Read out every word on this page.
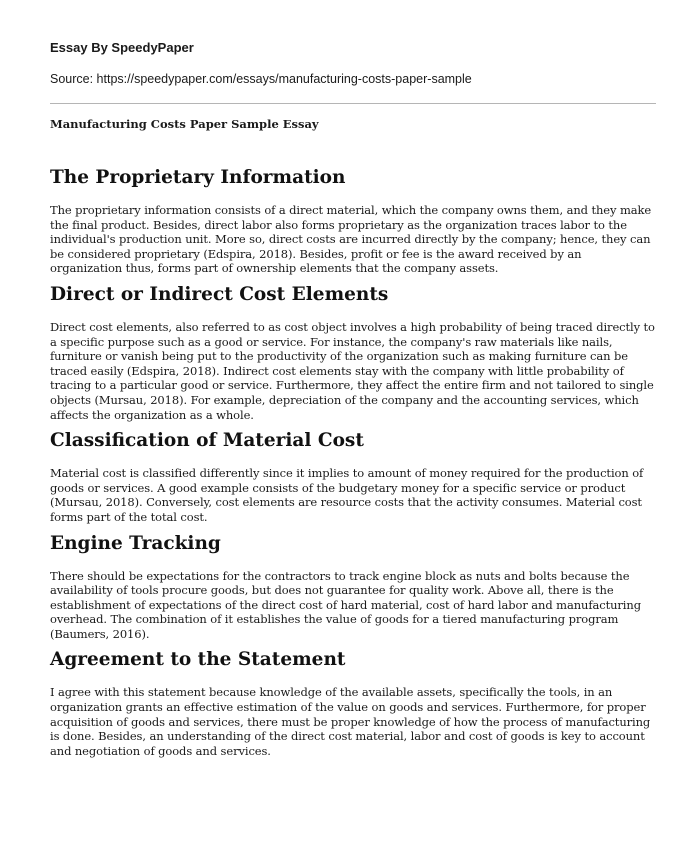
Essay By SpeedyPaper
Source: https://speedypaper.com/essays/manufacturing-costs-paper-sample
Manufacturing Costs Paper Sample Essay
The Proprietary Information

The proprietary information consists of a direct material, which the company owns them, and they make the final product. Besides, direct labor also forms proprietary as the organization traces labor to the individual's production unit. More so, direct costs are incurred directly by the company; hence, they can be considered proprietary (Edspira, 2018). Besides, profit or fee is the award received by an organization thus, forms part of ownership elements that the company assets.

Direct or Indirect Cost Elements

Direct cost elements, also referred to as cost object involves a high probability of being traced directly to a specific purpose such as a good or service. For instance, the company's raw materials like nails, furniture or vanish being put to the productivity of the organization such as making furniture can be traced easily (Edspira, 2018). Indirect cost elements stay with the company with little probability of tracing to a particular good or service. Furthermore, they affect the entire firm and not tailored to single objects (Mursau, 2018). For example, depreciation of the company and the accounting services, which affects the organization as a whole.

Classification of Material Cost

Material cost is classified differently since it implies to amount of money required for the production of goods or services. A good example consists of the budgetary money for a specific service or product (Mursau, 2018). Conversely, cost elements are resource costs that the activity consumes. Material cost forms part of the total cost.

Engine Tracking

There should be expectations for the contractors to track engine block as nuts and bolts because the availability of tools procure goods, but does not guarantee for quality work. Above all, there is the establishment of expectations of the direct cost of hard material, cost of hard labor and manufacturing overhead. The combination of it establishes the value of goods for a tiered manufacturing program (Baumers, 2016).

Agreement to the Statement

I agree with this statement because knowledge of the available assets, specifically the tools, in an organization grants an effective estimation of the value on goods and services. Furthermore, for proper acquisition of goods and services, there must be proper knowledge of how the process of manufacturing is done. Besides, an understanding of the direct cost material, labor and cost of goods is key to account and negotiation of goods and services.
